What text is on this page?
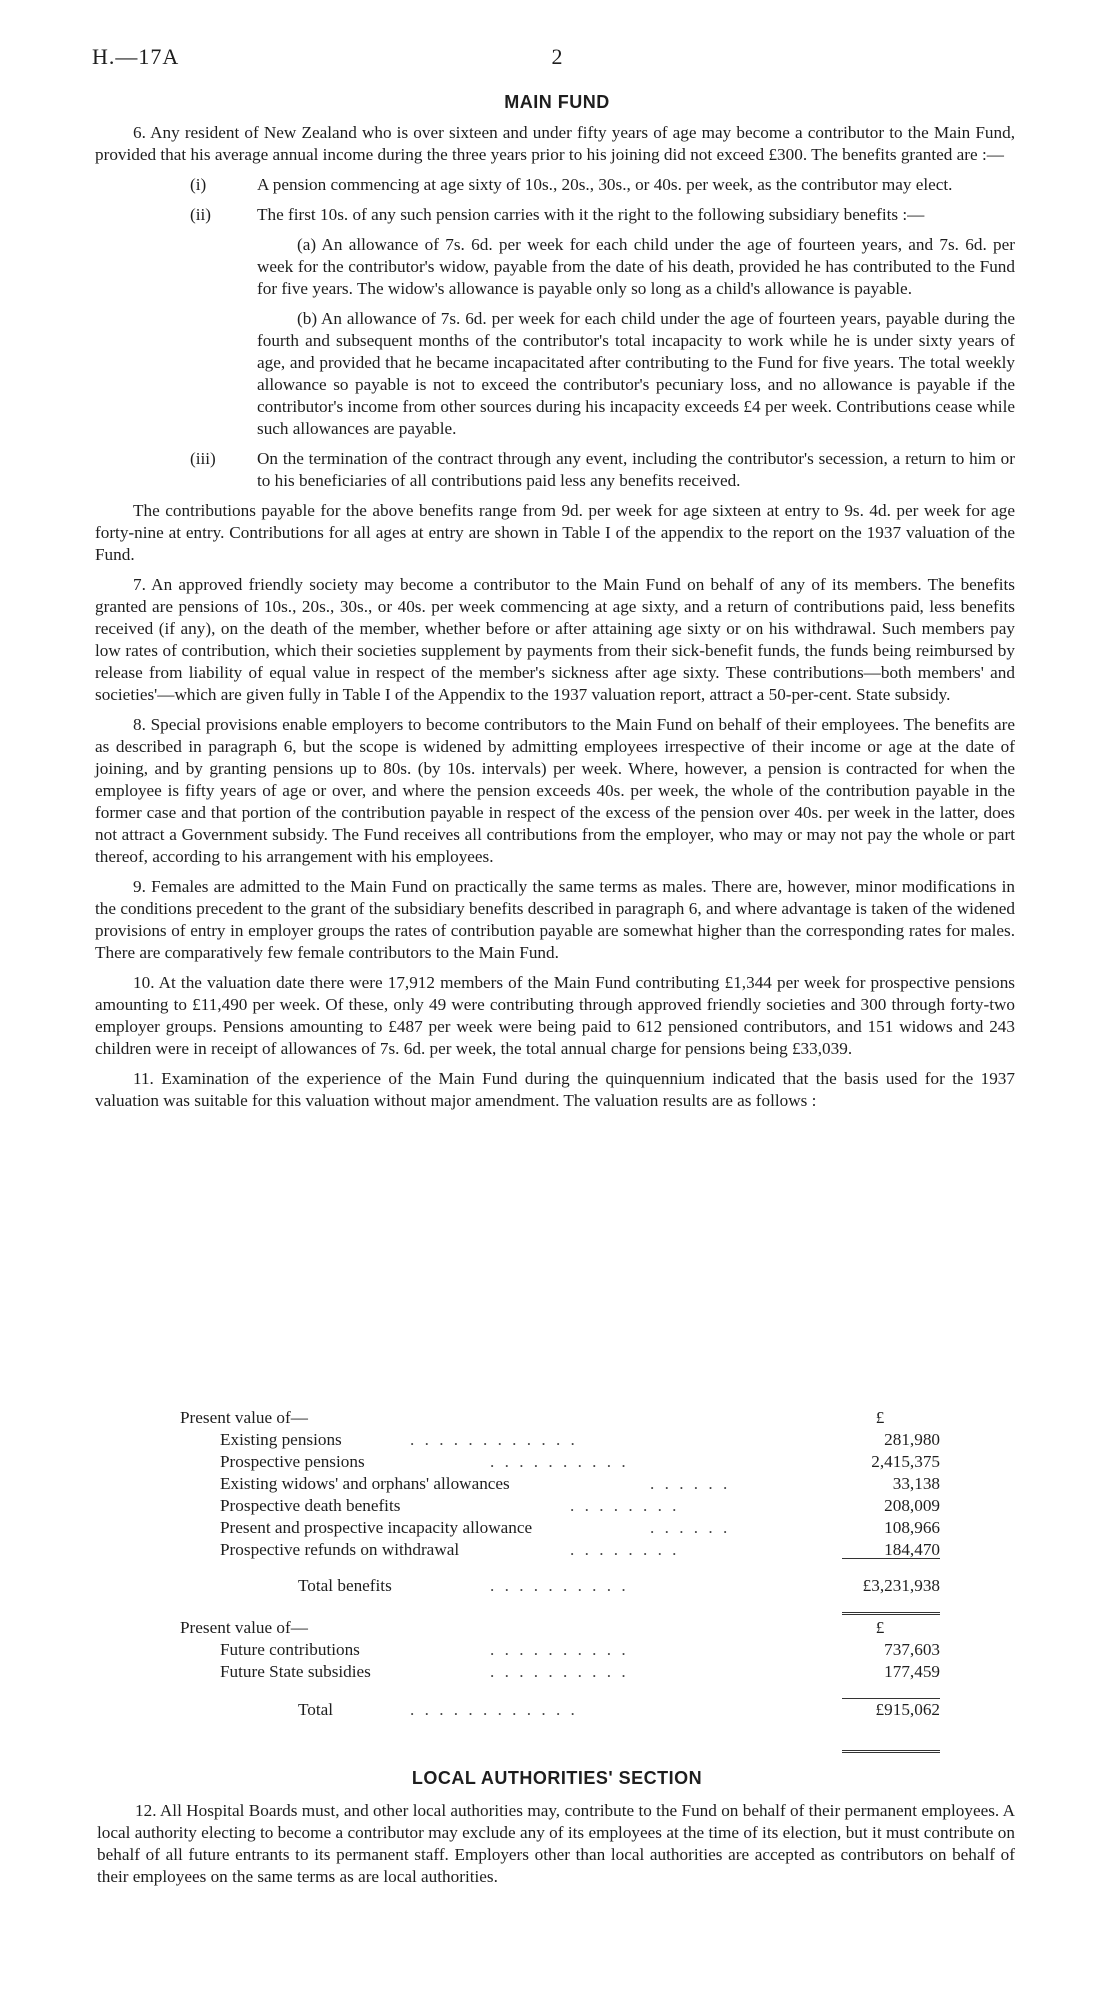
H.—17A	2
MAIN FUND

6. Any resident of New Zealand who is over sixteen and under fifty years of age may become a contributor to the Main Fund, provided that his average annual income during the three years prior to his joining did not exceed £300. The benefits granted are :—

(i)	A pension commencing at age sixty of 10s., 20s., 30s., or 40s. per week, as the contributor may elect.

(ii)	The first 10s. of any such pension carries with it the right to the following subsidiary benefits :—

(a) An allowance of 7s. 6d. per week for each child under the age of fourteen years, and 7s. 6d. per week for the contributor's widow, payable from the date of his death, provided he has contributed to the Fund for five years. The widow's allowance is payable only so long as a child's allowance is payable.

(b) An allowance of 7s. 6d. per week for each child under the age of fourteen years, payable during the fourth and subsequent months of the contributor's total incapacity to work while he is under sixty years of age, and provided that he became incapacitated after contributing to the Fund for five years. The total weekly allowance so payable is not to exceed the contributor's pecuniary loss, and no allowance is payable if the contributor's income from other sources during his incapacity exceeds £4 per week. Contributions cease while such allowances are payable.

(iii) On the termination of the contract through any event, including the contributor's secession, a return to him or to his beneficiaries of all contributions paid less any benefits received.

The contributions payable for the above benefits range from 9d. per week for age sixteen at entry to 9s. 4d. per week for age forty-nine at entry. Contributions for all ages at entry are shown in Table I of the appendix to the report on the 1937 valuation of the Fund.

7. An approved friendly society may become a contributor to the Main Fund on behalf of any of its members. The benefits granted are pensions of 10s., 20s., 30s., or 40s. per week commencing at age sixty, and a return of contributions paid, less benefits received (if any), on the death of the member, whether before or after attaining age sixty or on his withdrawal. Such members pay low rates of contribution, which their societies supplement by payments from their sick-benefit funds, the funds being reimbursed by release from liability of equal value in respect of the member's sickness after age sixty. These contributions—both members' and societies'—which are given fully in Table I of the Appendix to the 1937 valuation report, attract a 50-per-cent. State subsidy.

8. Special provisions enable employers to become contributors to the Main Fund on behalf of their employees. The benefits are as described in paragraph 6, but the scope is widened by admitting employees irrespective of their income or age at the date of joining, and by granting pensions up to 80s. (by 10s. intervals) per week. Where, however, a pension is contracted for when the employee is fifty years of age or over, and where the pension exceeds 40s. per week, the whole of the contribution payable in the former case and that portion of the contribution payable in respect of the excess of the pension over 40s. per week in the latter, does not attract a Government subsidy. The Fund receives all contributions from the employer, who may or may not pay the whole or part thereof, according to his arrangement with his employees.

9. Females are admitted to the Main Fund on practically the same terms as males. There are, however, minor modifications in the conditions precedent to the grant of the subsidiary benefits described in paragraph 6, and where advantage is taken of the widened provisions of entry in employer groups the rates of contribution payable are somewhat higher than the corresponding rates for males. There are comparatively few female contributors to the Main Fund.

10. At the valuation date there were 17,912 members of the Main Fund contributing £1,344 per week for prospective pensions amounting to £11,490 per week. Of these, only 49 were contributing through approved friendly societies and 300 through forty-two employer groups. Pensions amounting to £487 per week were being paid to 612 pensioned contributors, and 151 widows and 243 children were in receipt of allowances of 7s. 6d. per week, the total annual charge for pensions being £33,039.

11. Examination of the experience of the Main Fund during the quinquennium indicated that the basis used for the 1937 valuation was suitable for this valuation without major amendment. The valuation results are as follows :

Present value of—	£
Existing pensions	. . . . . . . . . . . .	281,980
Prospective pensions	. . . . . . . . . .	2,415,375
Existing widows' and orphans' allowances	. . . . . .	33,138
Prospective death benefits	. . . . . . . .	208,009
Present and prospective incapacity allowance	. . . . . .	108,966
Prospective refunds on withdrawal	. . . . . . . .	184,470
Total benefits	. . . . . . . . . .	£3,231,938
Present value of—	£
Future contributions	. . . . . . . . . .	737,603
Future State subsidies	. . . . . . . . . .	177,459
Total	. . . . . . . . . . . .	£915,062
LOCAL AUTHORITIES' SECTION

12. All Hospital Boards must, and other local authorities may, contribute to the Fund on behalf of their permanent employees. A local authority electing to become a contributor may exclude any of its employees at the time of its election, but it must contribute on behalf of all future entrants to its permanent staff. Employers other than local authorities are accepted as contributors on behalf of their employees on the same terms as are local authorities.
